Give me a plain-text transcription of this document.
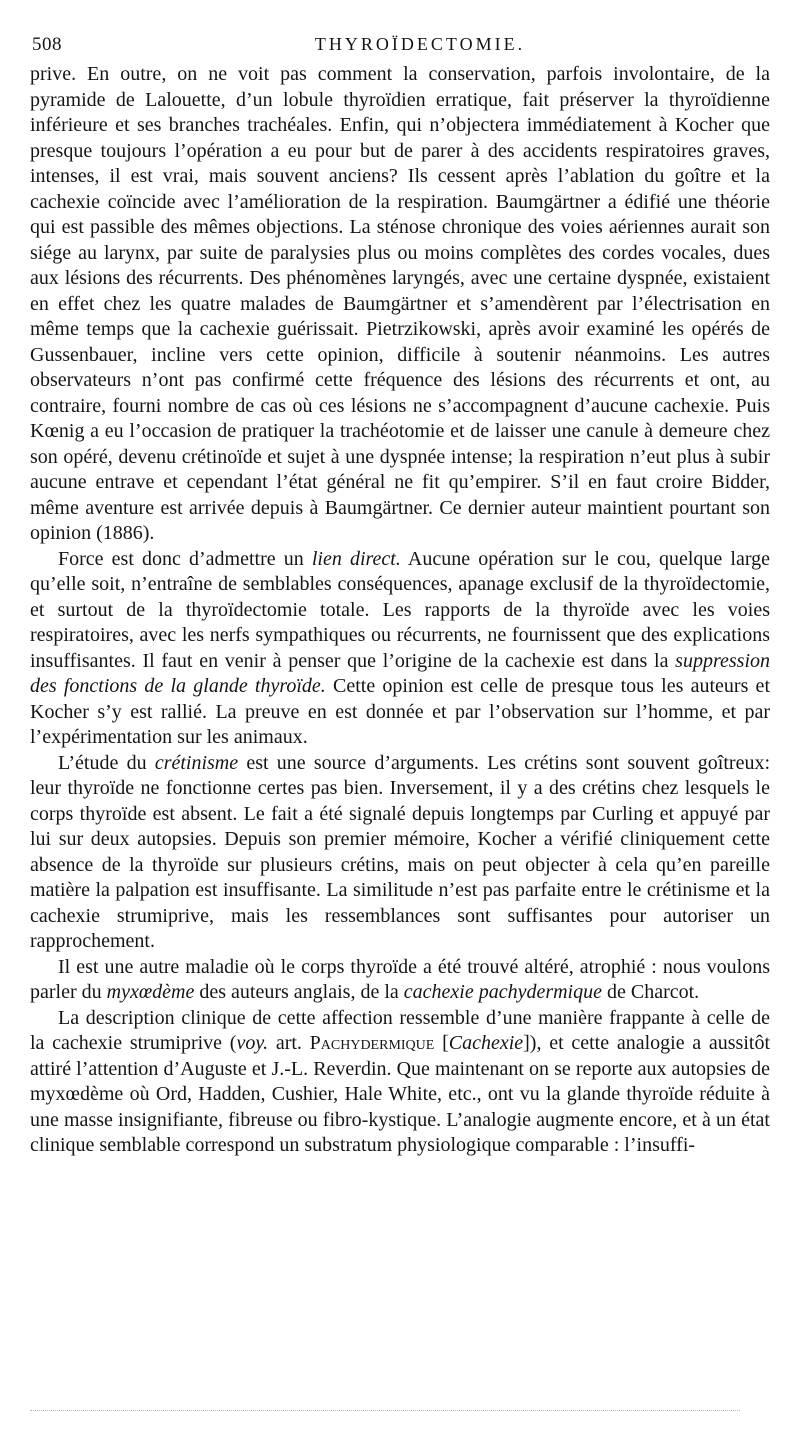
508	THYROÏDECTOMIE.

prive. En outre, on ne voit pas comment la conservation, parfois involontaire, de la pyramide de Lalouette, d’un lobule thyroïdien erratique, fait préserver la thyroïdienne inférieure et ses branches trachéales. Enfin, qui n’objectera immédiatement à Kocher que presque toujours l’opération a eu pour but de parer à des accidents respiratoires graves, intenses, il est vrai, mais souvent anciens? Ils cessent après l’ablation du goître et la cachexie coïncide avec l’amélioration de la respiration. Baumgärtner a édifié une théorie qui est passible des mêmes objections. La sténose chronique des voies aériennes aurait son siége au larynx, par suite de paralysies plus ou moins complètes des cordes vocales, dues aux lésions des récurrents. Des phénomènes laryngés, avec une certaine dyspnée, existaient en effet chez les quatre malades de Baumgärtner et s’amendèrent par l’électrisation en même temps que la cachexie guérissait. Pietrzikowski, après avoir examiné les opérés de Gussenbauer, incline vers cette opinion, difficile à soutenir néanmoins. Les autres observateurs n’ont pas confirmé cette fréquence des lésions des récurrents et ont, au contraire, fourni nombre de cas où ces lésions ne s’accompagnent d’aucune cachexie. Puis Kœnig a eu l’occasion de pratiquer la trachéotomie et de laisser une canule à demeure chez son opéré, devenu crétinoïde et sujet à une dyspnée intense; la respiration n’eut plus à subir aucune entrave et cependant l’état général ne fit qu’empirer. S’il en faut croire Bidder, même aventure est arrivée depuis à Baumgärtner. Ce dernier auteur maintient pourtant son opinion (1886).

Force est donc d’admettre un lien direct. Aucune opération sur le cou, quelque large qu’elle soit, n’entraîne de semblables conséquences, apanage exclusif de la thyroïdectomie, et surtout de la thyroïdectomie totale. Les rapports de la thyroïde avec les voies respiratoires, avec les nerfs sympathiques ou récurrents, ne fournissent que des explications insuffisantes. Il faut en venir à penser que l’origine de la cachexie est dans la suppression des fonctions de la glande thyroïde. Cette opinion est celle de presque tous les auteurs et Kocher s’y est rallié. La preuve en est donnée et par l’observation sur l’homme, et par l’expérimentation sur les animaux.

L’étude du crétinisme est une source d’arguments. Les crétins sont souvent goîtreux: leur thyroïde ne fonctionne certes pas bien. Inversement, il y a des crétins chez lesquels le corps thyroïde est absent. Le fait a été signalé depuis longtemps par Curling et appuyé par lui sur deux autopsies. Depuis son premier mémoire, Kocher a vérifié cliniquement cette absence de la thyroïde sur plusieurs crétins, mais on peut objecter à cela qu’en pareille matière la palpation est insuffisante. La similitude n’est pas parfaite entre le crétinisme et la cachexie strumiprive, mais les ressemblances sont suffisantes pour autoriser un rapprochement.

Il est une autre maladie où le corps thyroïde a été trouvé altéré, atrophié : nous voulons parler du myxœdème des auteurs anglais, de la cachexie pachydermique de Charcot.

La description clinique de cette affection ressemble d’une manière frappante à celle de la cachexie strumiprive (voy. art. Pachydermique [Cachexie]), et cette analogie a aussitôt attiré l’attention d’Auguste et J.-L. Reverdin. Que maintenant on se reporte aux autopsies de myxœdème où Ord, Hadden, Cushier, Hale White, etc., ont vu la glande thyroïde réduite à une masse insignifiante, fibreuse ou fibro-kystique. L’analogie augmente encore, et à un état clinique semblable correspond un substratum physiologique comparable : l’insuffi-
